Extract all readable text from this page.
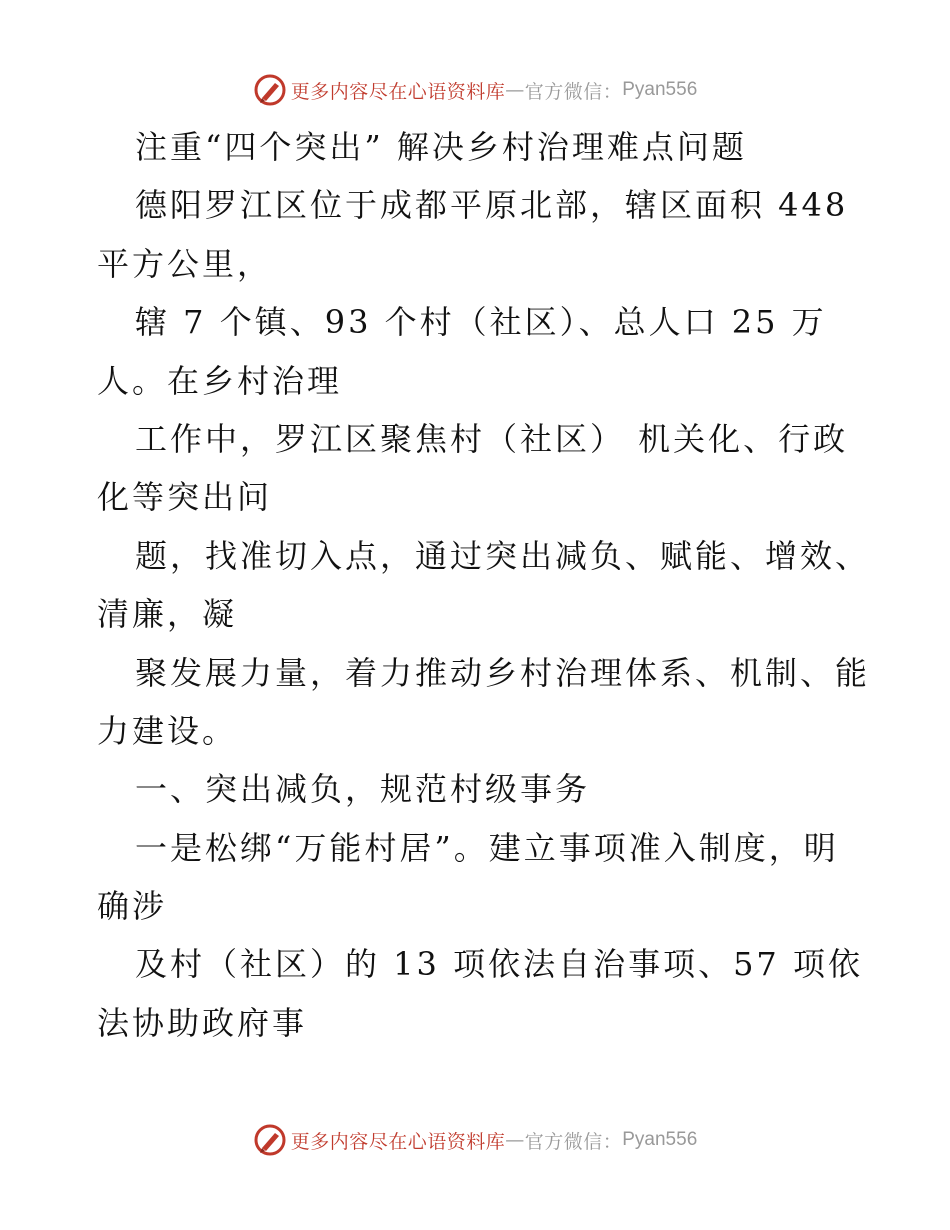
更多内容尽在心语资料库 — 官方微信： Pyan556
注重“四个突出” 解决乡村治理难点问题
德阳罗江区位于成都平原北部，辖区面积 448
平方公里，
辖 7 个镇、93 个村（社区）、总人口 25 万
人。在乡村治理
工作中，罗江区聚焦村（社区） 机关化、行政
化等突出问
题，找准切入点，通过突出减负、赋能、增效、
清廉，凝
聚发展力量，着力推动乡村治理体系、机制、能
力建设。
一、突出减负，规范村级事务
一是松绑“万能村居”。建立事项准入制度，明
确涉
及村（社区）的 13 项依法自治事项、57 项依
法协助政府事
更多内容尽在心语资料库 — 官方微信： Pyan556
